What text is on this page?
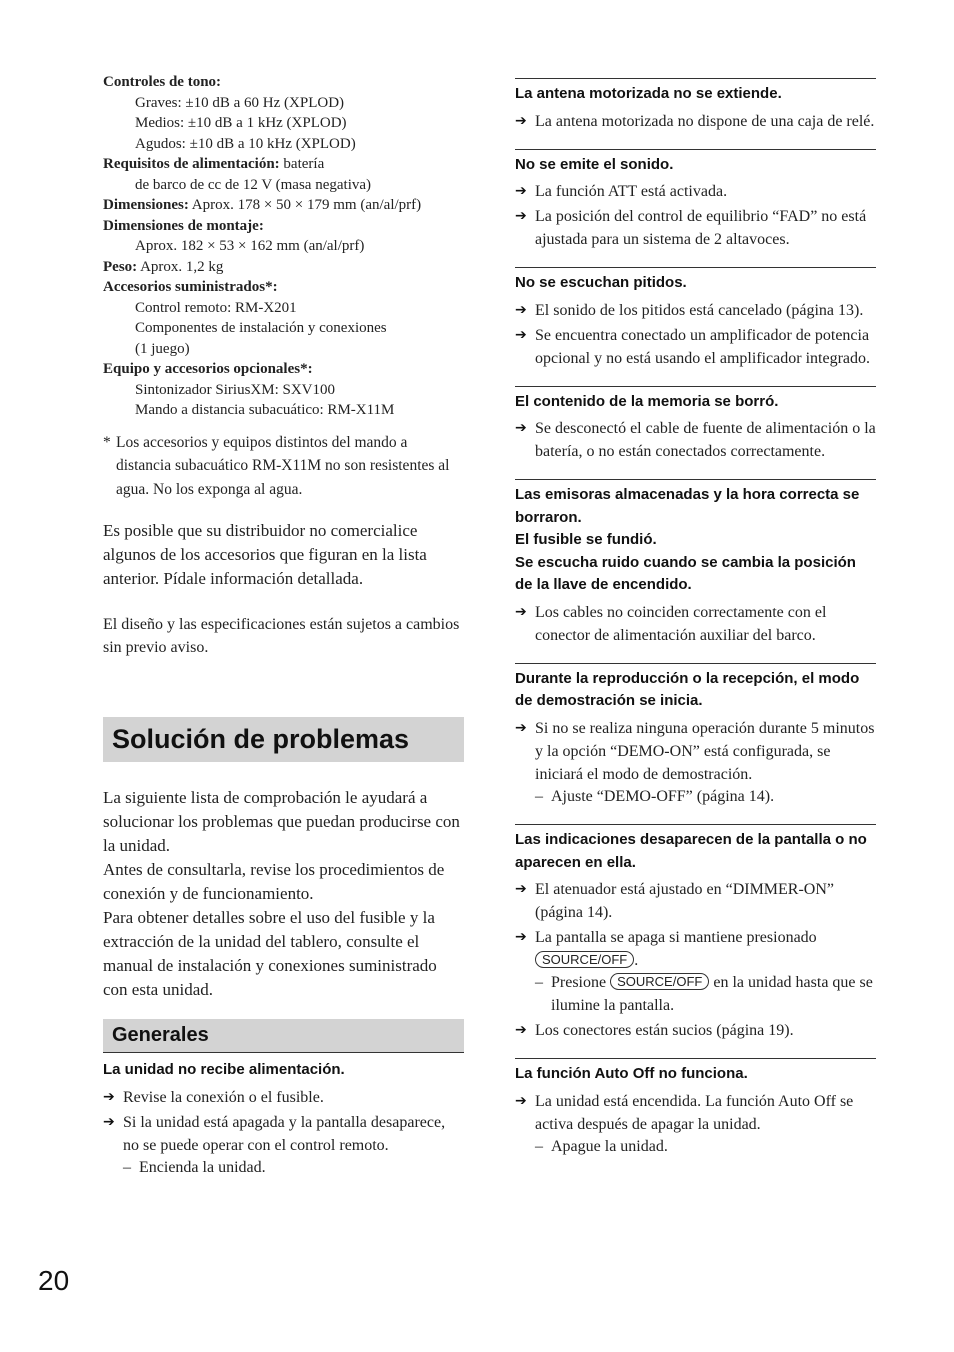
Controles de tono:
Graves: ±10 dB a 60 Hz (XPLOD)
Medios: ±10 dB a 1 kHz (XPLOD)
Agudos: ±10 dB a 10 kHz (XPLOD)
Requisitos de alimentación: batería
de barco de cc de 12 V (masa negativa)
Dimensiones: Aprox. 178 × 50 × 179 mm (an/al/prf)
Dimensiones de montaje:
Aprox. 182 × 53 × 162 mm (an/al/prf)
Peso: Aprox. 1,2 kg
Accesorios suministrados*:
Control remoto: RM-X201
Componentes de instalación y conexiones
(1 juego)
Equipo y accesorios opcionales*:
Sintonizador SiriusXM: SXV100
Mando a distancia subacuático: RM-X11M
* Los accesorios y equipos distintos del mando a distancia subacuático RM-X11M no son resistentes al agua. No los exponga al agua.

Es posible que su distribuidor no comercialice algunos de los accesorios que figuran en la lista anterior. Pídale información detallada.

El diseño y las especificaciones están sujetos a cambios sin previo aviso.

Solución de problemas

La siguiente lista de comprobación le ayudará a solucionar los problemas que puedan producirse con la unidad.

Antes de consultarla, revise los procedimientos de conexión y de funcionamiento.

Para obtener detalles sobre el uso del fusible y la extracción de la unidad del tablero, consulte el manual de instalación y conexiones suministrado con esta unidad.

Generales
La unidad no recibe alimentación.
➔ Revise la conexión o el fusible.
➔ Si la unidad está apagada y la pantalla desaparece, no se puede operar con el control remoto.
– Encienda la unidad.
La antena motorizada no se extiende.
➔ La antena motorizada no dispone de una caja de relé.
No se emite el sonido.
➔ La función ATT está activada.
➔ La posición del control de equilibrio “FAD” no está ajustada para un sistema de 2 altavoces.
No se escuchan pitidos.
➔ El sonido de los pitidos está cancelado (página 13).
➔ Se encuentra conectado un amplificador de potencia opcional y no está usando el amplificador integrado.
El contenido de la memoria se borró.
➔ Se desconectó el cable de fuente de alimentación o la batería, o no están conectados correctamente.
Las emisoras almacenadas y la hora correcta se borraron.
El fusible se fundió.
Se escucha ruido cuando se cambia la posición de la llave de encendido.
➔ Los cables no coinciden correctamente con el conector de alimentación auxiliar del barco.
Durante la reproducción o la recepción, el modo de demostración se inicia.
➔ Si no se realiza ninguna operación durante 5 minutos y la opción “DEMO-ON” está configurada, se iniciará el modo de demostración.
– Ajuste “DEMO-OFF” (página 14).
Las indicaciones desaparecen de la pantalla o no aparecen en ella.
➔ El atenuador está ajustado en “DIMMER-ON” (página 14).
➔ La pantalla se apaga si mantiene presionado SOURCE/OFF .
– Presione SOURCE/OFF en la unidad hasta que se ilumine la pantalla.
➔ Los conectores están sucios (página 19).
La función Auto Off no funciona.
➔ La unidad está encendida. La función Auto Off se activa después de apagar la unidad.
– Apague la unidad.
20
